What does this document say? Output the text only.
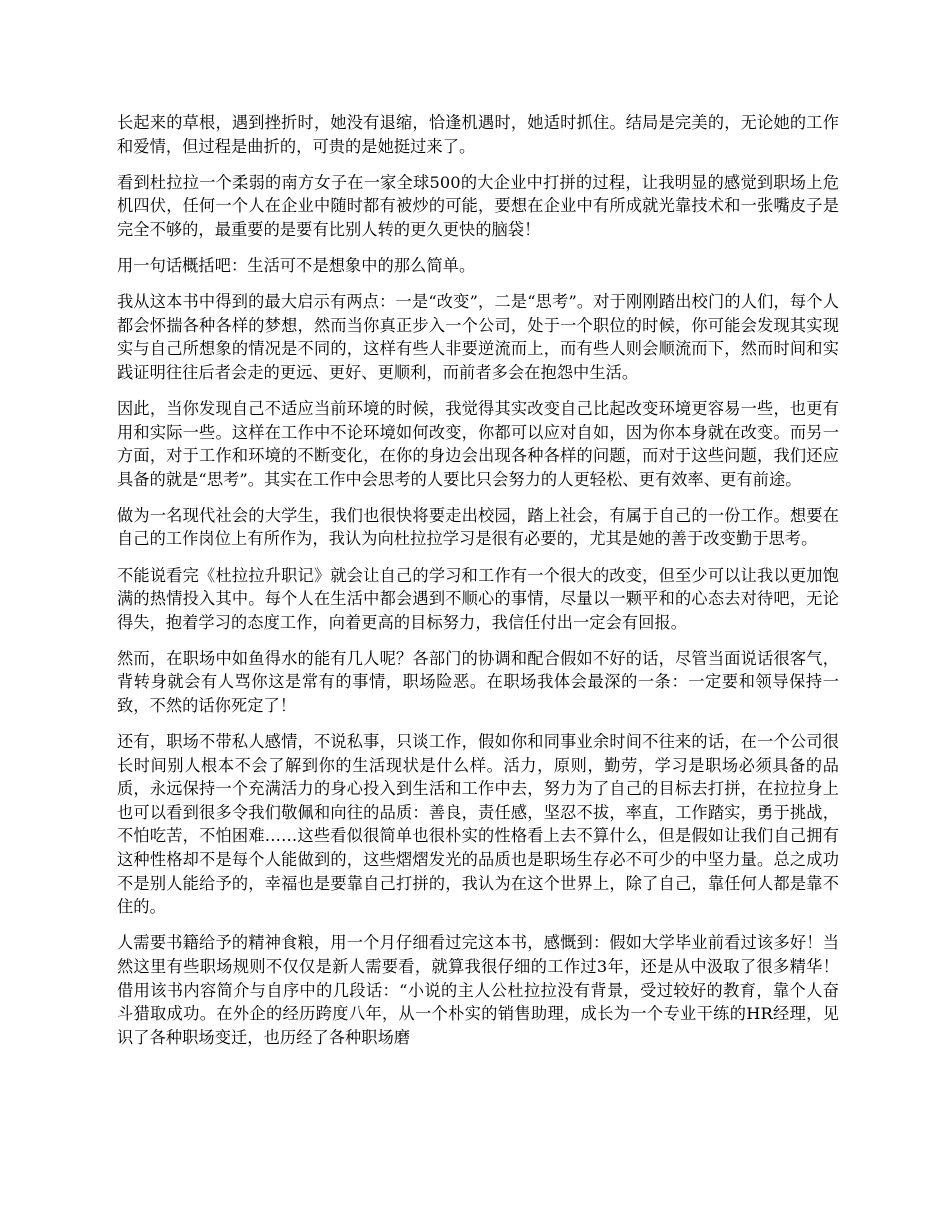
长起来的草根，遇到挫折时，她没有退缩，恰逢机遇时，她适时抓住。结局是完美的，无论她的工作和爱情，但过程是曲折的，可贵的是她挺过来了。

看到杜拉拉一个柔弱的南方女子在一家全球500的大企业中打拼的过程，让我明显的感觉到职场上危机四伏，任何一个人在企业中随时都有被炒的可能，要想在企业中有所成就光靠技术和一张嘴皮子是完全不够的，最重要的是要有比别人转的更久更快的脑袋！

用一句话概括吧：生活可不是想象中的那么简单。

我从这本书中得到的最大启示有两点：一是“改变”，二是“思考”。对于刚刚踏出校门的人们，每个人都会怀揣各种各样的梦想，然而当你真正步入一个公司，处于一个职位的时候，你可能会发现其实现实与自己所想象的情况是不同的，这样有些人非要逆流而上，而有些人则会顺流而下，然而时间和实践证明往往后者会走的更远、更好、更顺利，而前者多会在抱怨中生活。

因此，当你发现自己不适应当前环境的时候，我觉得其实改变自己比起改变环境更容易一些，也更有用和实际一些。这样在工作中不论环境如何改变，你都可以应对自如，因为你本身就在改变。而另一方面，对于工作和环境的不断变化，在你的身边会出现各种各样的问题，而对于这些问题，我们还应具备的就是“思考”。其实在工作中会思考的人要比只会努力的人更轻松、更有效率、更有前途。

做为一名现代社会的大学生，我们也很快将要走出校园，踏上社会，有属于自己的一份工作。想要在自己的工作岗位上有所作为，我认为向杜拉拉学习是很有必要的，尤其是她的善于改变勤于思考。

不能说看完《杜拉拉升职记》就会让自己的学习和工作有一个很大的改变，但至少可以让我以更加饱满的热情投入其中。每个人在生活中都会遇到不顺心的事情，尽量以一颗平和的心态去对待吧，无论得失，抱着学习的态度工作，向着更高的目标努力，我信任付出一定会有回报。

然而，在职场中如鱼得水的能有几人呢？各部门的协调和配合假如不好的话，尽管当面说话很客气，背转身就会有人骂你这是常有的事情，职场险恶。在职场我体会最深的一条：一定要和领导保持一致，不然的话你死定了！

还有，职场不带私人感情，不说私事，只谈工作，假如你和同事业余时间不往来的话，在一个公司很长时间别人根本不会了解到你的生活现状是什么样。活力，原则，勤劳，学习是职场必须具备的品质，永远保持一个充满活力的身心投入到生活和工作中去，努力为了自己的目标去打拼，在拉拉身上也可以看到很多令我们敬佩和向往的品质：善良，责任感，坚忍不拔，率直，工作踏实，勇于挑战，不怕吃苦，不怕困难……这些看似很简单也很朴实的性格看上去不算什么，但是假如让我们自己拥有这种性格却不是每个人能做到的，这些熠熠发光的品质也是职场生存必不可少的中坚力量。总之成功不是别人能给予的，幸福也是要靠自己打拼的，我认为在这个世界上，除了自己，靠任何人都是靠不住的。

人需要书籍给予的精神食粮，用一个月仔细看过完这本书，感慨到：假如大学毕业前看过该多好！当然这里有些职场规则不仅仅是新人需要看，就算我很仔细的工作过3年，还是从中汲取了很多精华！借用该书内容简介与自序中的几段话：“小说的主人公杜拉拉没有背景，受过较好的教育，靠个人奋斗猎取成功。在外企的经历跨度八年，从一个朴实的销售助理，成长为一个专业干练的HR经理，见识了各种职场变迁，也历经了各种职场磨
